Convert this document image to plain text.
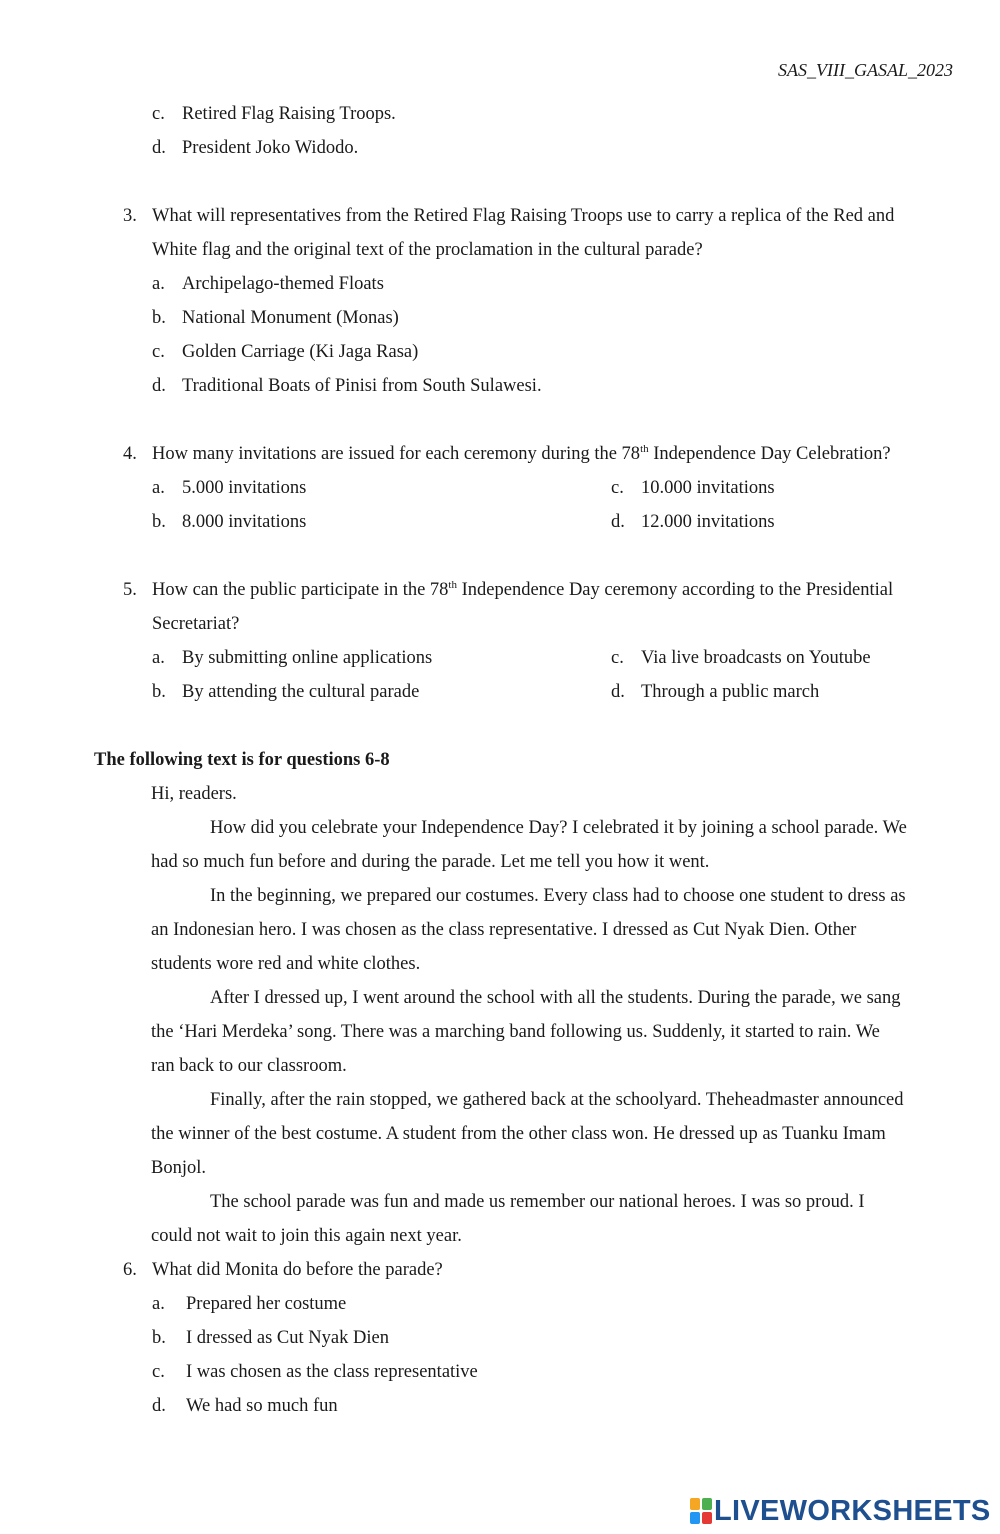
SAS_VIII_GASAL_2023
c. Retired Flag Raising Troops.
d. President Joko Widodo.
3. What will representatives from the Retired Flag Raising Troops use to carry a replica of the Red and
White flag and the original text of the proclamation in the cultural parade?
a. Archipelago-themed Floats
b. National Monument (Monas)
c. Golden Carriage (Ki Jaga Rasa)
d. Traditional Boats of Pinisi from South Sulawesi.
4. How many invitations are issued for each ceremony during the 78th Independence Day Celebration?
a. 5.000 invitations
b. 8.000 invitations
c. 10.000 invitations
d. 12.000 invitations
5. How can the public participate in the 78th Independence Day ceremony according to the Presidential
Secretariat?
a. By submitting online applications
b. By attending the cultural parade
c. Via live broadcasts on Youtube
d. Through a public march
The following text is for questions 6-8
Hi, readers.
How did you celebrate your Independence Day? I celebrated it by joining a school parade. We
had so much fun before and during the parade. Let me tell you how it went.
In the beginning, we prepared our costumes. Every class had to choose one student to dress as
an Indonesian hero. I was chosen as the class representative. I dressed as Cut Nyak Dien. Other
students wore red and white clothes.
After I dressed up, I went around the school with all the students. During the parade, we sang
the ‘Hari Merdeka’ song. There was a marching band following us. Suddenly, it started to rain. We
ran back to our classroom.
Finally, after the rain stopped, we gathered back at the schoolyard. Theheadmaster announced
the winner of the best costume. A student from the other class won. He dressed up as Tuanku Imam
Bonjol.
The school parade was fun and made us remember our national heroes. I was so proud. I
could not wait to join this again next year.
6. What did Monita do before the parade?
a. Prepared her costume
b. I dressed as Cut Nyak Dien
c. I was chosen as the class representative
d. We had so much fun
LIVEWORKSHEETS
